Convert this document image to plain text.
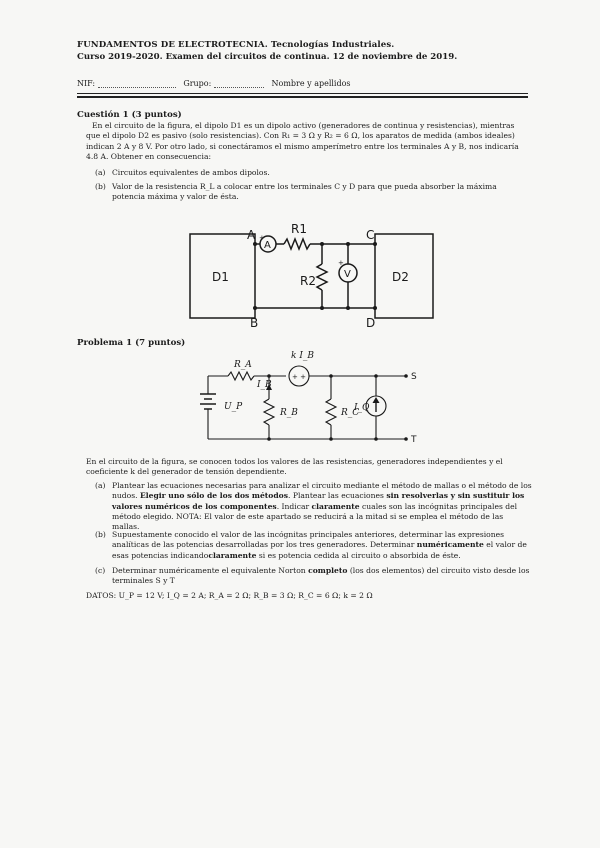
FUNDAMENTOS DE ELECTROTECNIA. Tecnologías Industriales.
Curso 2019-2020. Examen del circuitos de continua. 12 de noviembre de 2019.
NIF:	Grupo:	Nombre y apellidos
Cuestión 1 (3 puntos)
En el circuito de la figura, el dipolo D1 es un dipolo activo (generadores de continua y resistencias), mientras que el dipolo D2 es pasivo (solo resistencias). Con R₁ = 3 Ω y R₂ = 6 Ω, los aparatos de medida (ambos ideales) indican 2 A y 8 V. Por otro lado, si conectáramos el mismo amperímetro entre los terminales A y B, nos indicaría 4.8 A. Obtener en consecuencia:
(a) Circuitos equivalentes de ambos dipolos.
(b) Valor de la resistencia R_L a colocar entre los terminales C y D para que pueda absorber la máxima potencia máxima y valor de ésta.
D1	D2
R1
R2
A
B
C
D
A
+
V
+
Problema 1 (7 puntos)
R_A
k I_B
I_B
R_B	R_C
I_Q
U_P
+ +	S
T
En el circuito de la figura, se conocen todos los valores de las resistencias, generadores independientes y el coeficiente k del generador de tensión dependiente.
(a) Plantear las ecuaciones necesarias para analizar el circuito mediante el método de mallas o el método de los nudos. Elegir uno sólo de los dos métodos. Plantear las ecuaciones sin resolverlas y sin sustituir los valores numéricos de los componentes. Indicar claramente cuales son las incógnitas principales del método elegido. NOTA: El valor de este apartado se reducirá a la mitad si se emplea el método de las mallas.
(b) Supuestamente conocido el valor de las incógnitas principales anteriores, determinar las expresiones analíticas de las potencias desarrolladas por los tres generadores. Determinar numéricamente el valor de esas potencias indicandoclaramente si es potencia cedida al circuito o absorbida de éste.
(c) Determinar numéricamente el equivalente Norton completo (los dos elementos) del circuito visto desde los terminales S y T
DATOS: U_P = 12 V; I_Q = 2 A; R_A = 2 Ω; R_B = 3 Ω; R_C = 6 Ω; k = 2 Ω
